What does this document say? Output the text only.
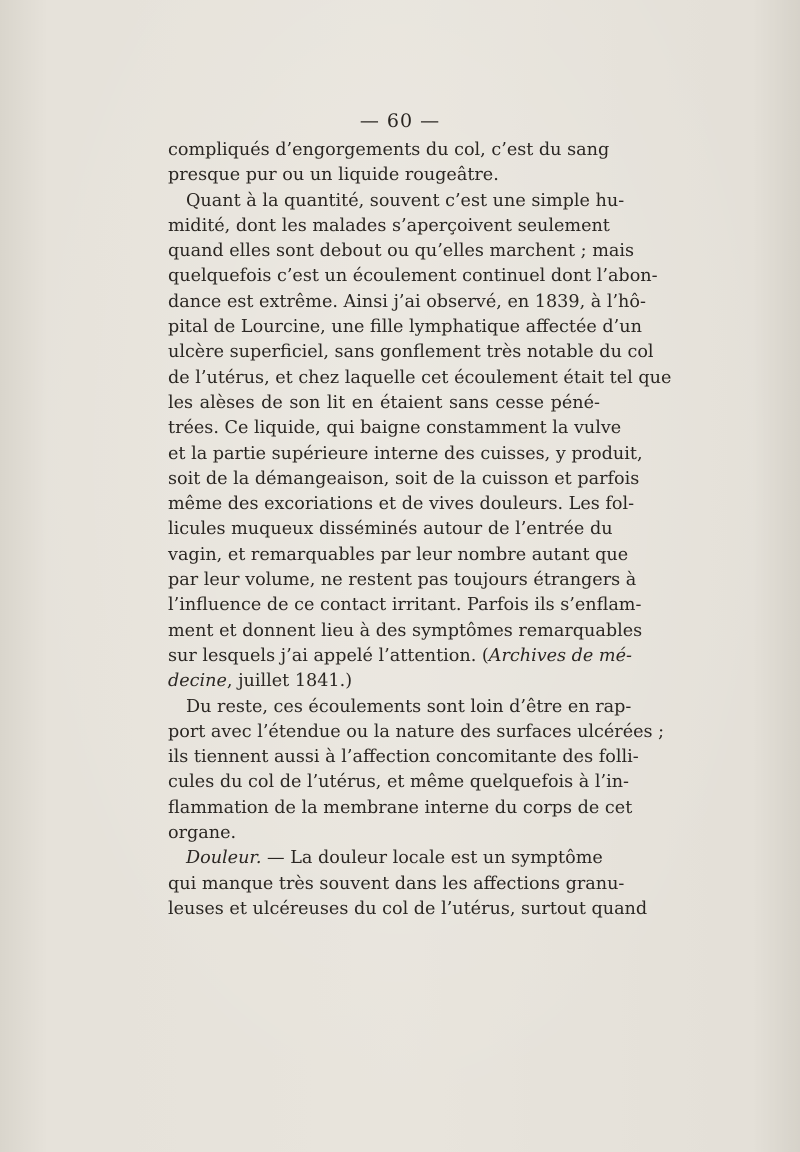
— 60 —
compliqués d’engorgements du col, c’est du sang
presque pur ou un liquide rougeâtre.
Quant à la quantité, souvent c’est une simple hu-
midité, dont les malades s’aperçoivent seulement
quand elles sont debout ou qu’elles marchent ; mais
quelquefois c’est un écoulement continuel dont l’abon-
dance est extrême. Ainsi j’ai observé, en 1839, à l’hô-
pital de Lourcine, une fille lymphatique affectée d’un
ulcère superficiel, sans gonflement très notable du col
de l’utérus, et chez laquelle cet écoulement était tel que
les alèses de son lit en étaient sans cesse péné-
trées. Ce liquide, qui baigne constamment la vulve
et la partie supérieure interne des cuisses, y produit,
soit de la démangeaison, soit de la cuisson et parfois
même des excoriations et de vives douleurs. Les fol-
licules muqueux disséminés autour de l’entrée du
vagin, et remarquables par leur nombre autant que
par leur volume, ne restent pas toujours étrangers à
l’influence de ce contact irritant. Parfois ils s’enflam-
ment et donnent lieu à des symptômes remarquables
sur lesquels j’ai appelé l’attention. (Archives de mé-
decine, juillet 1841.)
Du reste, ces écoulements sont loin d’être en rap-
port avec l’étendue ou la nature des surfaces ulcérées ;
ils tiennent aussi à l’affection concomitante des folli-
cules du col de l’utérus, et même quelquefois à l’in-
flammation de la membrane interne du corps de cet
organe.
Douleur. — La douleur locale est un symptôme
qui manque très souvent dans les affections granu-
leuses et ulcéreuses du col de l’utérus, surtout quand
